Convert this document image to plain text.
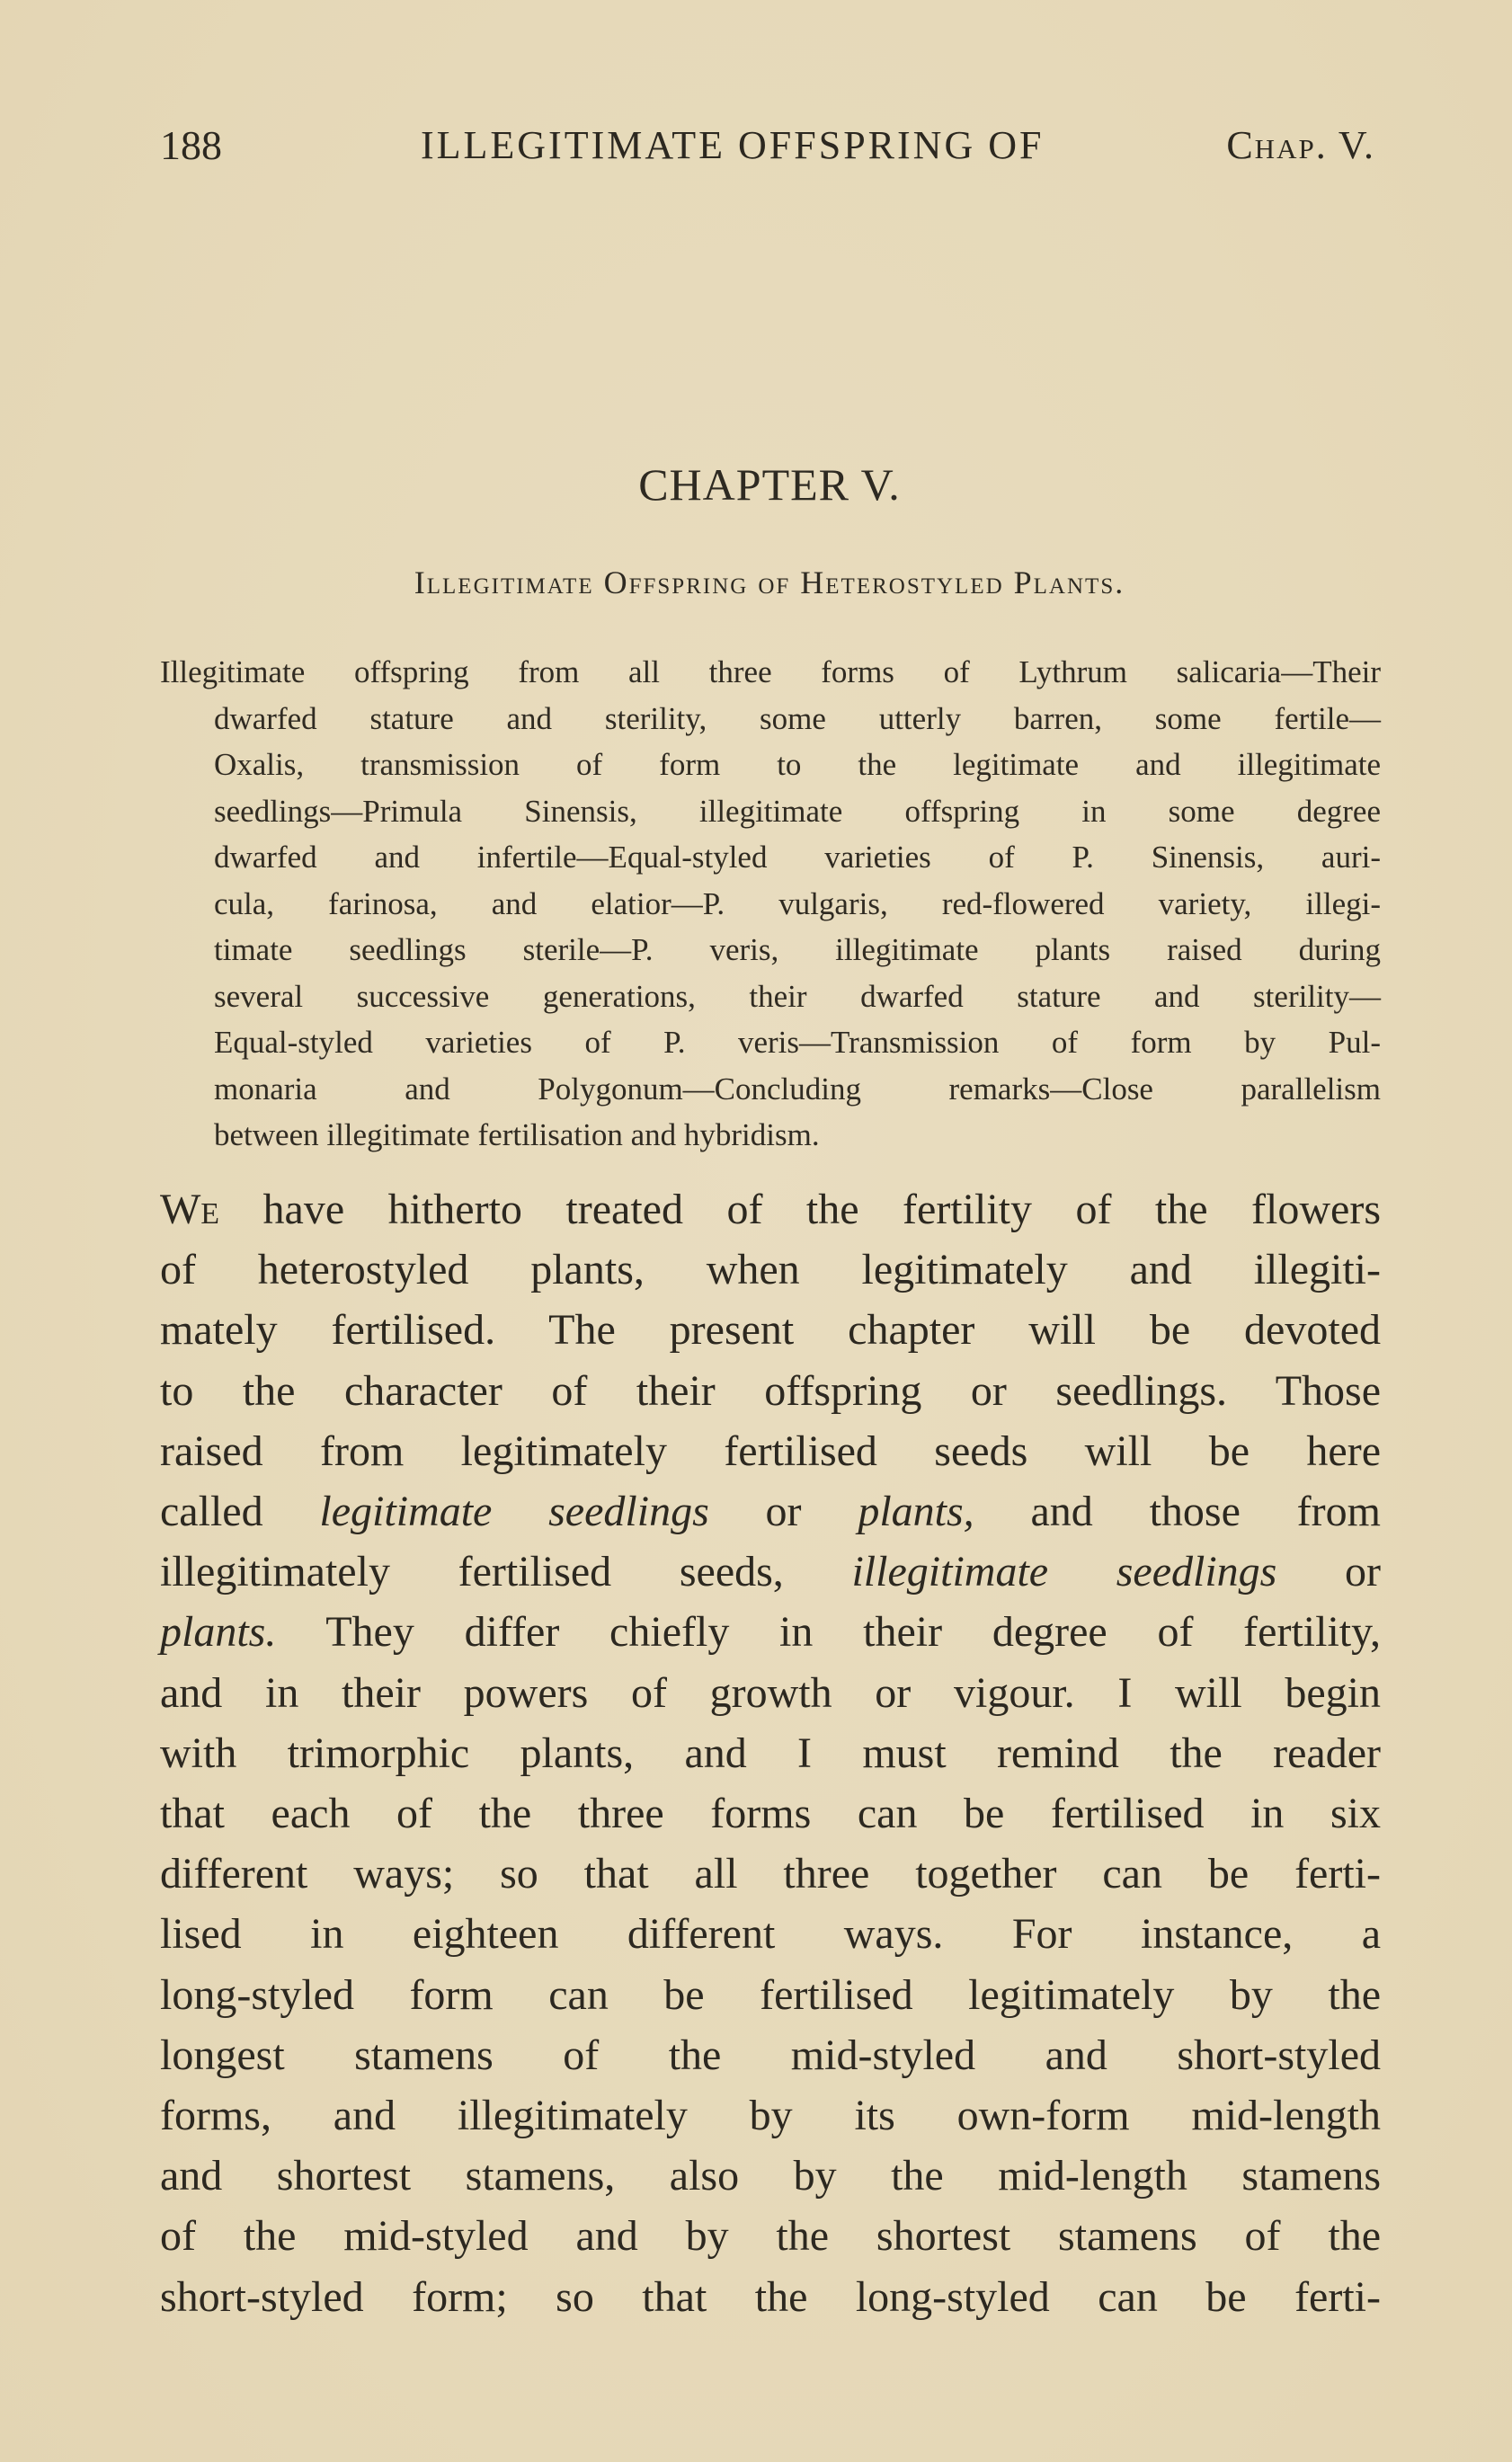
188	ILLEGITIMATE OFFSPRING OF	Chap. V.
CHAPTER V.
Illegitimate Offspring of Heterostyled Plants.
Illegitimate offspring from all three forms of Lythrum salicaria—Their
dwarfed stature and sterility, some utterly barren, some fertile—
Oxalis, transmission of form to the legitimate and illegitimate
seedlings—Primula Sinensis, illegitimate offspring in some degree
dwarfed and infertile—Equal-styled varieties of P. Sinensis, auri-
cula, farinosa, and elatior—P. vulgaris, red-flowered variety, illegi-
timate seedlings sterile—P. veris, illegitimate plants raised during
several successive generations, their dwarfed stature and sterility—
Equal-styled varieties of P. veris—Transmission of form by Pul-
monaria and Polygonum—Concluding remarks—Close parallelism
between illegitimate fertilisation and hybridism.
We have hitherto treated of the fertility of the flowers
of heterostyled plants, when legitimately and illegiti-
mately fertilised. The present chapter will be devoted
to the character of their offspring or seedlings. Those
raised from legitimately fertilised seeds will be here
called legitimate seedlings or plants, and those from
illegitimately fertilised seeds, illegitimate seedlings or
plants. They differ chiefly in their degree of fertility,
and in their powers of growth or vigour. I will begin
with trimorphic plants, and I must remind the reader
that each of the three forms can be fertilised in six
different ways; so that all three together can be ferti-
lised in eighteen different ways. For instance, a
long-styled form can be fertilised legitimately by the
longest stamens of the mid-styled and short-styled
forms, and illegitimately by its own-form mid-length
and shortest stamens, also by the mid-length stamens
of the mid-styled and by the shortest stamens of the
short-styled form; so that the long-styled can be ferti-
